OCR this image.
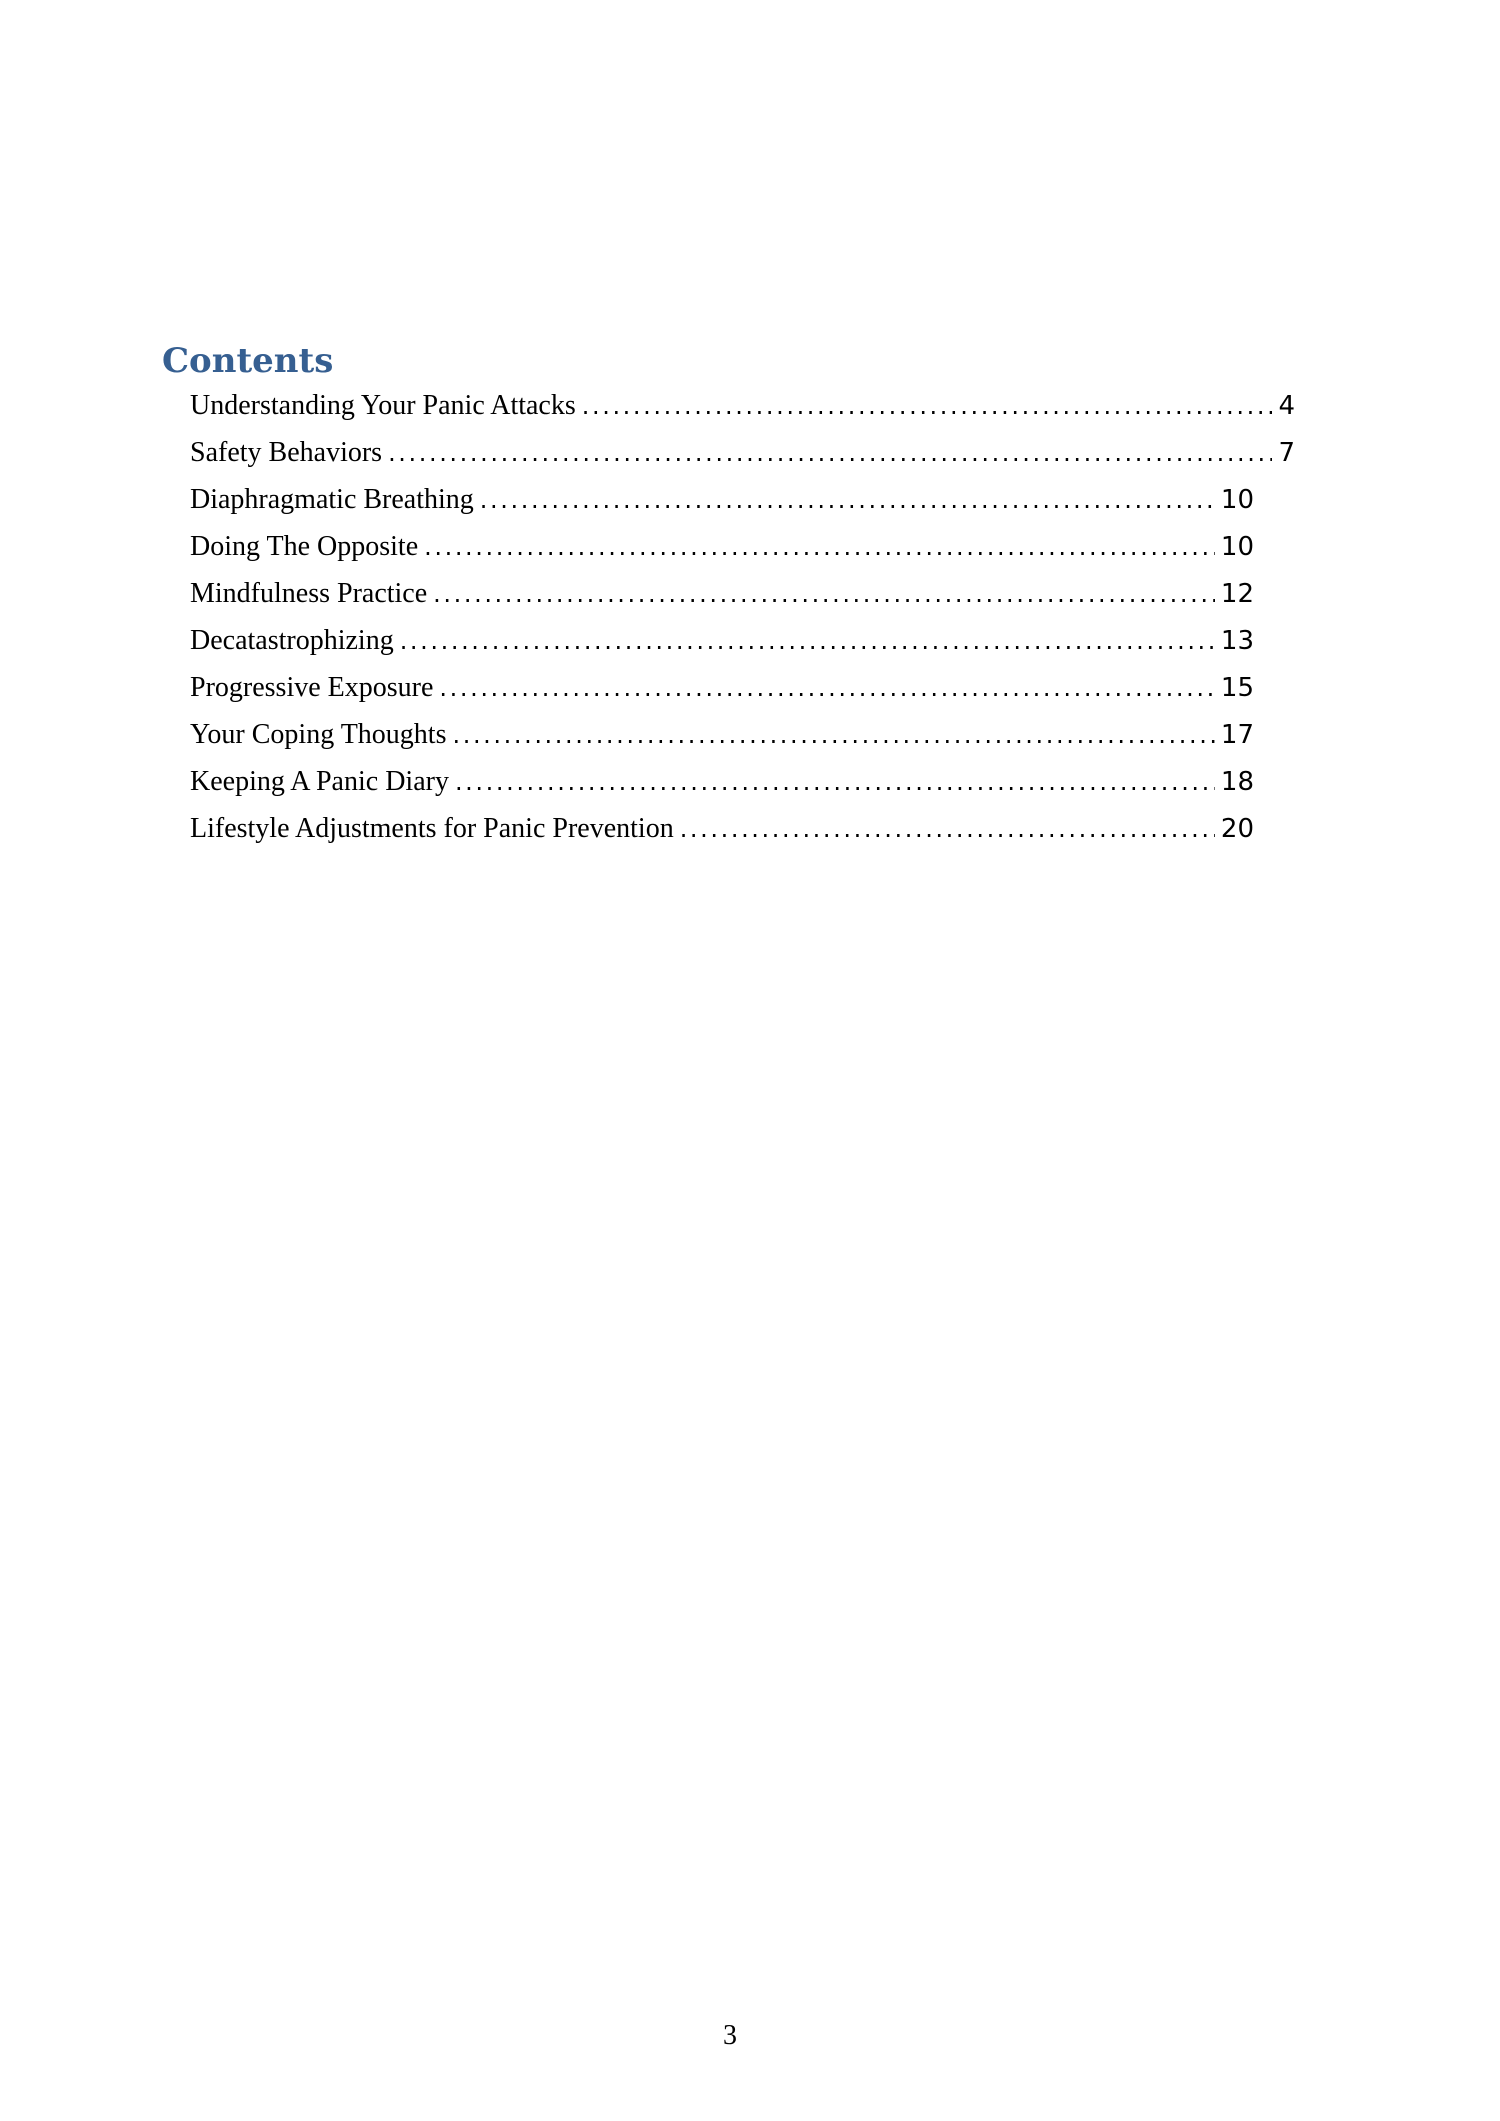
Contents
Understanding Your Panic Attacks .....	4
Safety Behaviors .....	7
Diaphragmatic Breathing .....	10
Doing The Opposite .....	10
Mindfulness Practice .....	12
Decatastrophizing .....	13
Progressive Exposure .....	15
Your Coping Thoughts .....	17
Keeping A Panic Diary .....	18
Lifestyle Adjustments for Panic Prevention .....	20
3
